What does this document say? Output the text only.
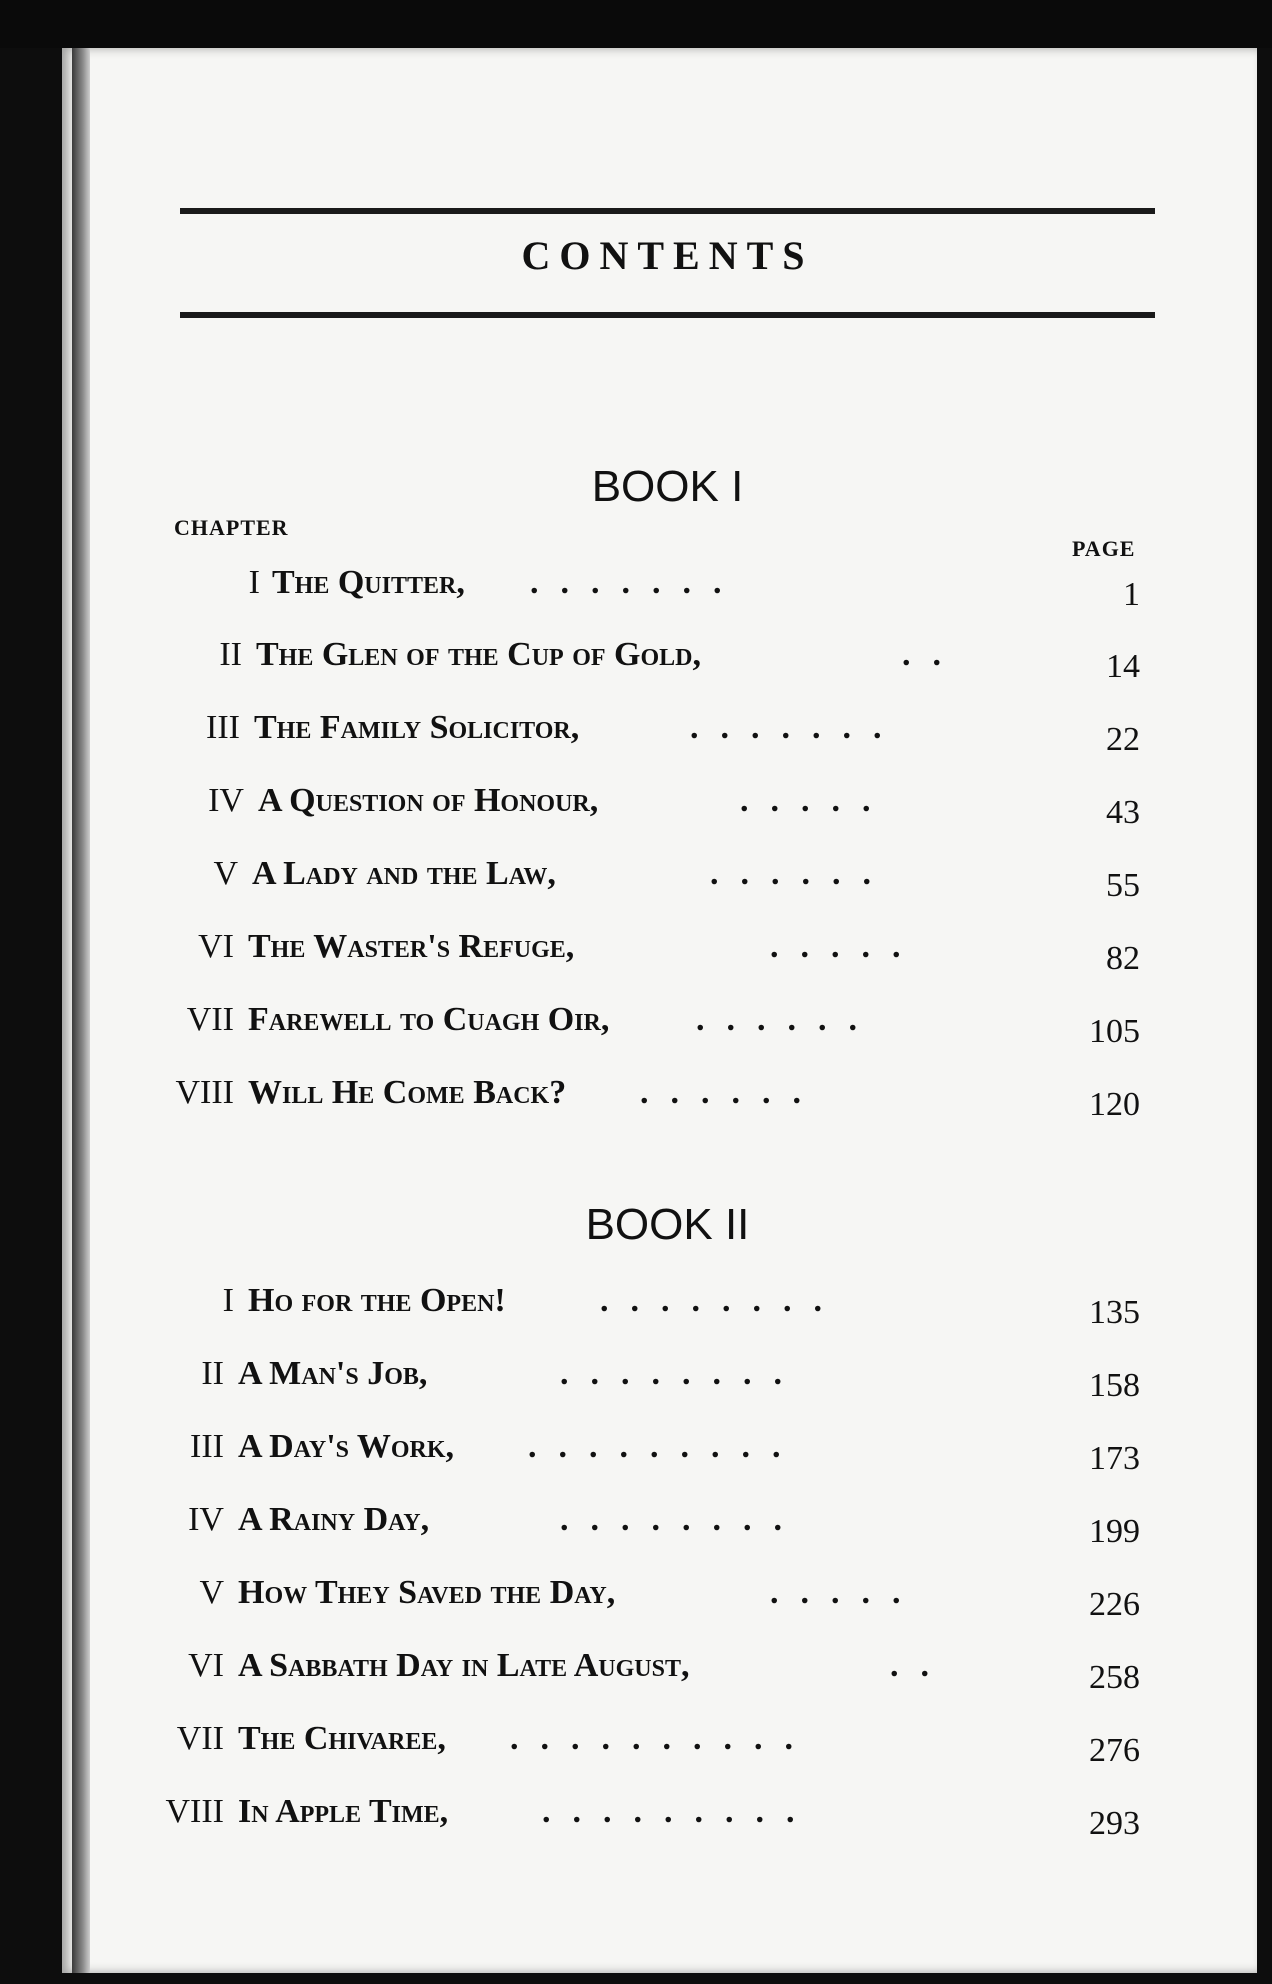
CONTENTS
BOOK I
CHAPTER
PAGE
I The Quitter, .......	1
II The Glen of the Cup of Gold,	..	14
III The Family Solicitor,	.......	22
IV A Question of Honour,	.....	43
V A Lady and the Law,	......	55
VI The Waster's Refuge,	.....	82
VII Farewell to Cuagh Oir,	......	105
VIII Will He Come Back? ......	120
BOOK II
I Ho for the Open!	........	135
II A Man's Job,	........	158
III A Day's Work, .........	173
IV A Rainy Day,	........	199
V How They Saved the Day,	.....	226
VI A Sabbath Day in Late August,	..	258
VII The Chivaree, ..........	276
VIII In Apple Time,	.........	293
